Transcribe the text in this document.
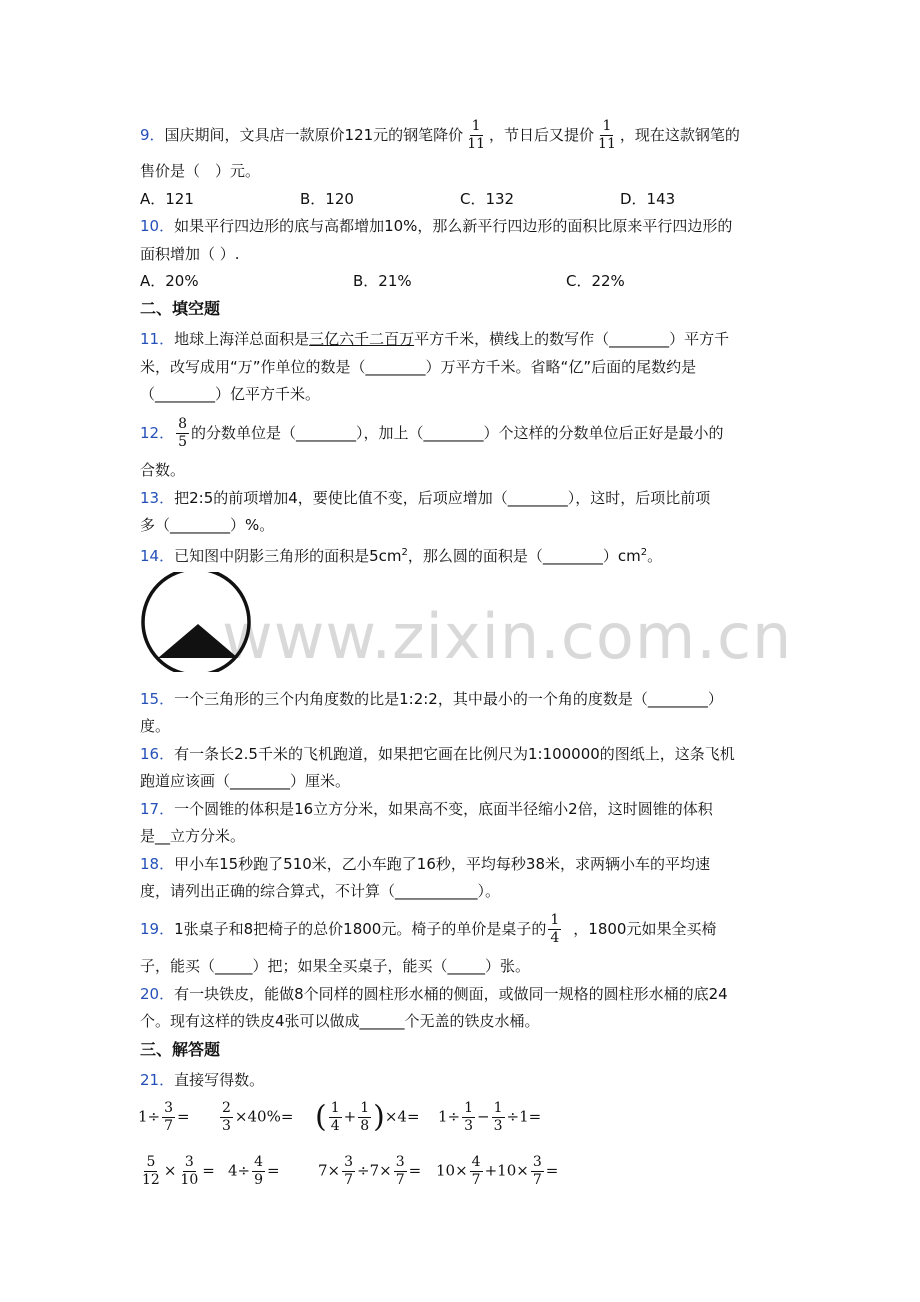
www.zixin.com.cn
9．国庆期间，文具店一款原价121元的钢笔降价 $\frac{1}{11}$ ，节日后又提价 $\frac{1}{11}$ ，现在这款钢笔的
售价是（　）元。
A．121	B．120	C．132	D．143
10．如果平行四边形的底与高都增加10%，那么新平行四边形的面积比原来平行四边形的
面积增加（ ）.
A．20%	B．21%	C．22%
二、填空题
11．地球上海洋总面积是三亿六千二百万平方千米，横线上的数写作（________）平方千
米，改写成用“万”作单位的数是（________）万平方千米。省略“亿”后面的尾数约是
（________）亿平方千米。
12． $\frac{8}{5}$ 的分数单位是（________），加上（________）个这样的分数单位后正好是最小的
合数。
13．把2:5的前项增加4，要使比值不变，后项应增加（________），这时，后项比前项
多（________）%。
14．已知图中阴影三角形的面积是$5cm^2$，那么圆的面积是$(\_\_\_\_\_\_\_\_)cm^2$。
15．一个三角形的三个内角度数的比是1:2:2，其中最小的一个角的度数是（________）
度。
16．有一条长2.5千米的飞机跑道，如果把它画在比例尺为1:100000的图纸上，这条飞机
跑道应该画（________）厘米。
17．一个圆锥的体积是16立方分米，如果高不变，底面半径缩小2倍，这时圆锥的体积
是__立方分米。
18．甲小车15秒跑了510米，乙小车跑了16秒，平均每秒38米，求两辆小车的平均速
度，请列出正确的综合算式，不计算（___________）。
19．1张桌子和8把椅子的总价1800元。椅子的单价是桌子的 $\frac{1}{4}$ ，1800元如果全买椅
子，能买（_____）把；如果全买桌子，能买（_____）张。
20．有一块铁皮，能做8个同样的圆柱形水桶的侧面，或做同一规格的圆柱形水桶的底24
个。现有这样的铁皮4张可以做成______个无盖的铁皮水桶。
三、解答题
21．直接写得数。
$1\div \frac{3}{7} = \frac{2}{3} \times 40\%=$ ( $\frac{1}{4} + \frac{1}{8} )\times 4= 1\div \frac{1}{3} - \frac{1}{3} \div 1=$
$\frac{5}{12} \times \frac{3}{10} = 4\div \frac{4}{9}$ =	$7\times \frac{3}{7} \div 7\times \frac{3}{7} = 10\times \frac{4}{7} +10\times \frac{3}{7}$ =
